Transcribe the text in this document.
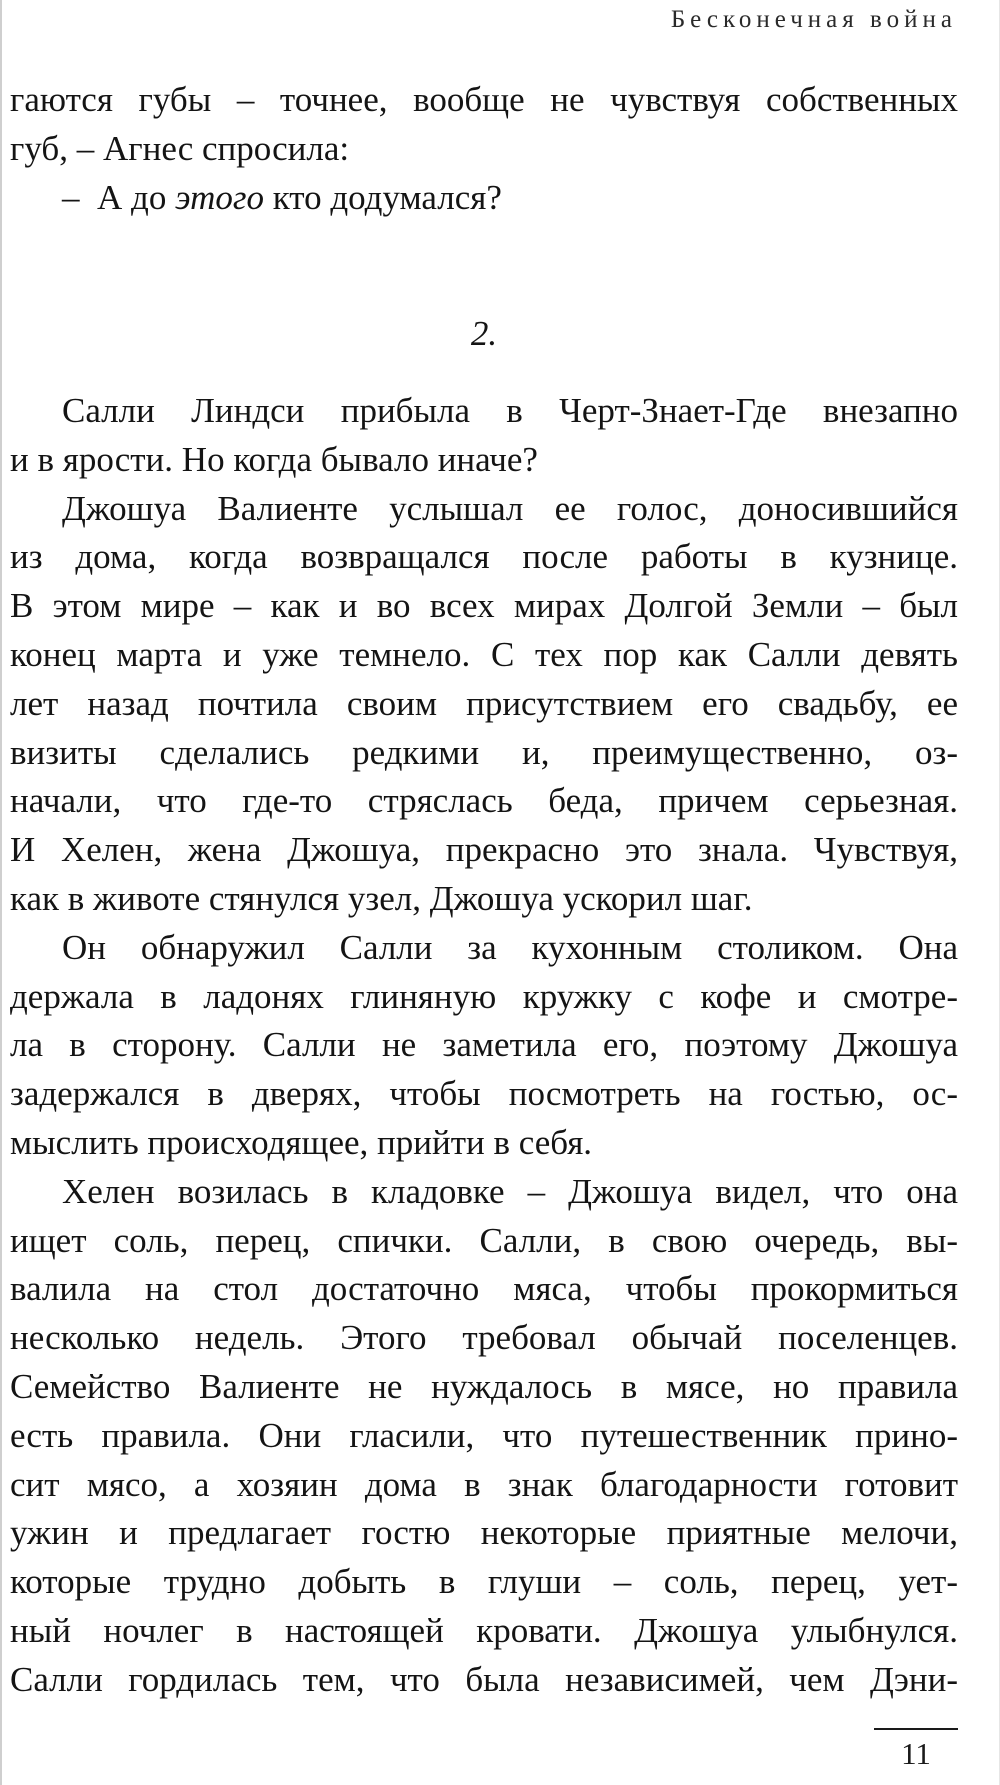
Бесконечная война
гаются губы – точнее, вообще не чувствуя собственных
губ, – Агнес спросила:
–  А до этого кто додумался?
2.
Салли Линдси прибыла в Черт-Знает-Где внезапно
и в ярости. Но когда бывало иначе?
Джошуа Валиенте услышал ее голос, доносившийся
из дома, когда возвращался после работы в кузнице.
В этом мире – как и во всех мирах Долгой Земли – был
конец марта и уже темнело. С тех пор как Салли девять
лет назад почтила своим присутствием его свадьбу, ее
визиты сделались редкими и, преимущественно, оз-
начали, что где-то стряслась беда, причем серьезная.
И Хелен, жена Джошуа, прекрасно это знала. Чувствуя,
как в животе стянулся узел, Джошуа ускорил шаг.
Он обнаружил Салли за кухонным столиком. Она
держала в ладонях глиняную кружку с кофе и смотре-
ла в сторону. Салли не заметила его, поэтому Джошуа
задержался в дверях, чтобы посмотреть на гостью, ос-
мыслить происходящее, прийти в себя.
Хелен возилась в кладовке – Джошуа видел, что она
ищет соль, перец, спички. Салли, в свою очередь, вы-
валила на стол достаточно мяса, чтобы прокормиться
несколько недель. Этого требовал обычай поселенцев.
Семейство Валиенте не нуждалось в мясе, но правила
есть правила. Они гласили, что путешественник прино-
сит мясо, а хозяин дома в знак благодарности готовит
ужин и предлагает гостю некоторые приятные мелочи,
которые трудно добыть в глуши – соль, перец, ует-
ный ночлег в настоящей кровати. Джошуа улыбнулся.
Салли гордилась тем, что была независимей, чем Дэни-
11
